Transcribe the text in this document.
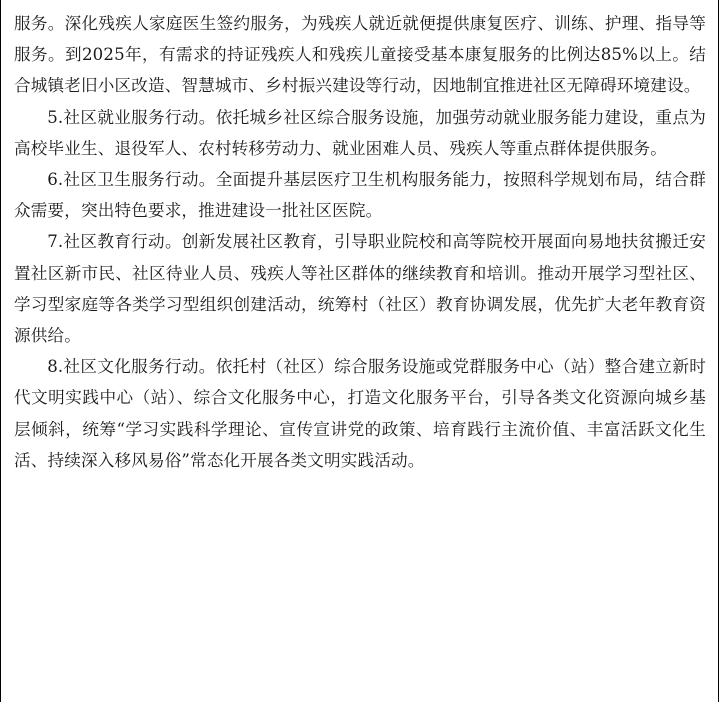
服务。深化残疾人家庭医生签约服务，为残疾人就近就便提供康复医疗、训练、护理、指导等服务。到2025年，有需求的持证残疾人和残疾儿童接受基本康复服务的比例达85%以上。结合城镇老旧小区改造、智慧城市、乡村振兴建设等行动，因地制宜推进社区无障碍环境建设。

5.社区就业服务行动。依托城乡社区综合服务设施，加强劳动就业服务能力建设，重点为高校毕业生、退役军人、农村转移劳动力、就业困难人员、残疾人等重点群体提供服务。

6.社区卫生服务行动。全面提升基层医疗卫生机构服务能力，按照科学规划布局，结合群众需要，突出特色要求，推进建设一批社区医院。

7.社区教育行动。创新发展社区教育，引导职业院校和高等院校开展面向易地扶贫搬迁安置社区新市民、社区待业人员、残疾人等社区群体的继续教育和培训。推动开展学习型社区、学习型家庭等各类学习型组织创建活动，统筹村（社区）教育协调发展，优先扩大老年教育资源供给。

8.社区文化服务行动。依托村（社区）综合服务设施或党群服务中心（站）整合建立新时代文明实践中心（站）、综合文化服务中心，打造文化服务平台，引导各类文化资源向城乡基层倾斜，统筹“学习实践科学理论、宣传宣讲党的政策、培育践行主流价值、丰富活跃文化生活、持续深入移风易俗”常态化开展各类文明实践活动。
